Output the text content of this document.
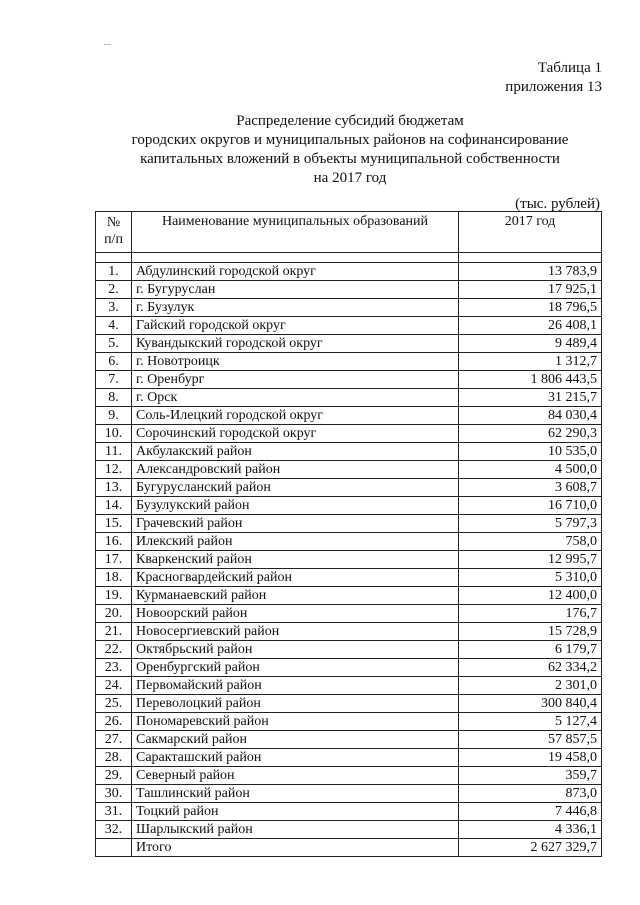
Таблица 1
приложения 13
Распределение субсидий бюджетам
городских округов и муниципальных районов на софинансирование
капитальных вложений в объекты муниципальной собственности
на 2017 год
(тыс. рублей)
№ п/п	Наименование муниципальных образований	2017 год

1.	Абдулинский городской округ	13 783,9
2.	г. Бугуруслан	17 925,1
3.	г. Бузулук	18 796,5
4.	Гайский городской округ	26 408,1
5.	Кувандыкский городской округ	9 489,4
6.	г. Новотроицк	1 312,7
7.	г. Оренбург	1 806 443,5
8.	г. Орск	31 215,7
9.	Соль-Илецкий городской округ	84 030,4
10.	Сорочинский городской округ	62 290,3
11.	Акбулакский район	10 535,0
12.	Александровский район	4 500,0
13.	Бугурусланский район	3 608,7
14.	Бузулукский район	16 710,0
15.	Грачевский район	5 797,3
16.	Илекский район	758,0
17.	Кваркенский район	12 995,7
18.	Красногвардейский район	5 310,0
19.	Курманаевский район	12 400,0
20.	Новоорский район	176,7
21.	Новосергиевский район	15 728,9
22.	Октябрьский район	6 179,7
23.	Оренбургский район	62 334,2
24.	Первомайский район	2 301,0
25.	Переволоцкий район	300 840,4
26.	Пономаревский район	5 127,4
27.	Сакмарский район	57 857,5
28.	Саракташский район	19 458,0
29.	Северный район	359,7
30.	Ташлинский район	873,0
31.	Тоцкий район	7 446,8
32.	Шарлыкский район	4 336,1
	Итого	2 627 329,7
